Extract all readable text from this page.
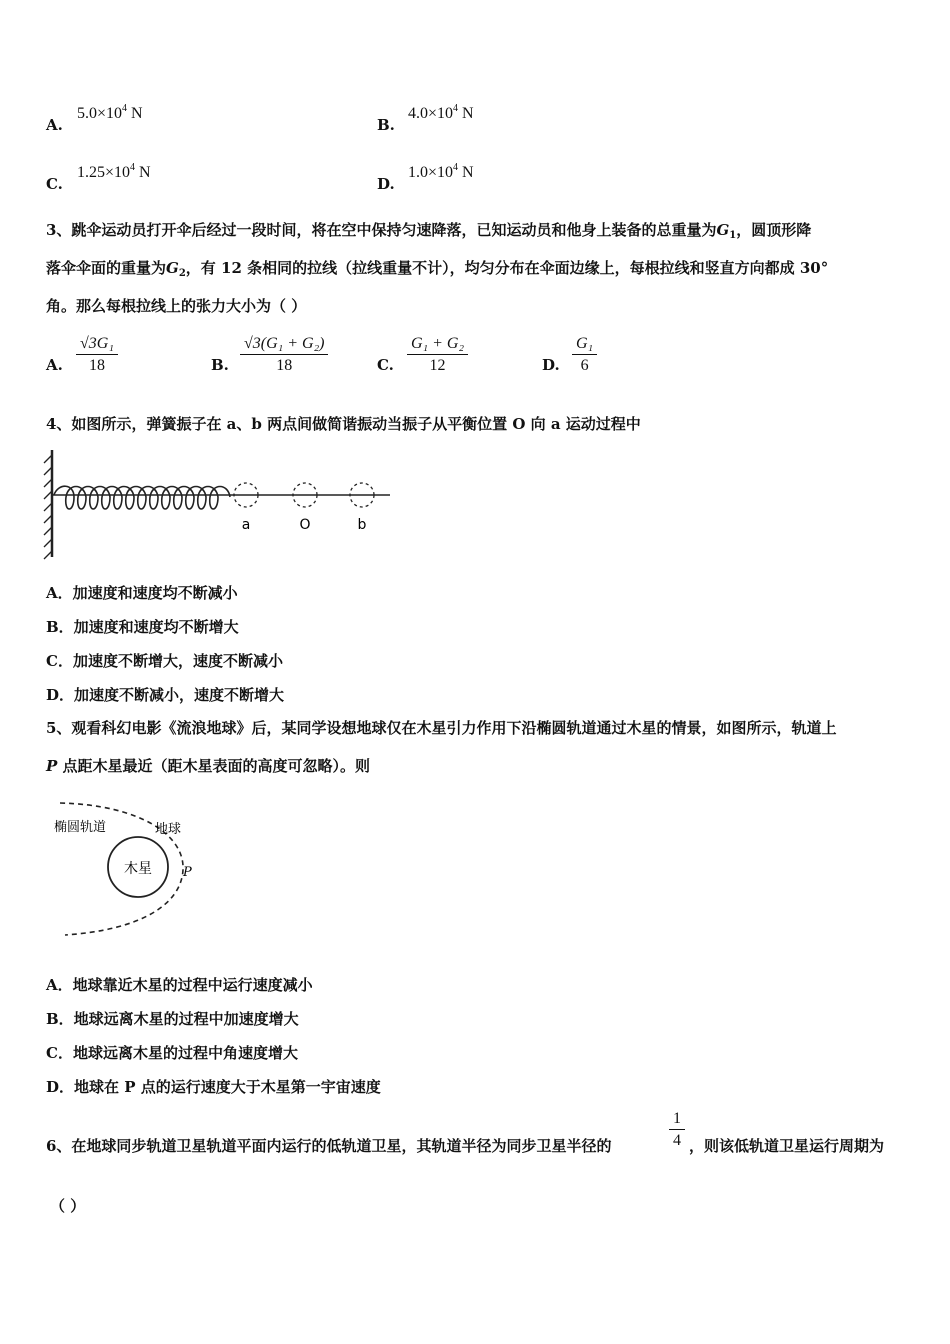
A.
$5.0\times 10^4$ N
B.
$4.0\times 10^4$ N
C.
$1.25\times 10^4$ N
D.
$1.0\times 10^4$ N
3、跳伞运动员打开伞后经过一段时间，将在空中保持匀速降落，已知运动员和他身上装备的总重量为$G_1$，圆顶形降
落伞伞面的重量为$G_2$，有 12 条相同的拉线（拉线重量不计），均匀分布在伞面边缘上，每根拉线和竖直方向都成 30°
角。那么每根拉线上的张力大小为（ ）
A. $\frac{\text{√3G₁}}{18}$	B. $\frac{\text{√3(G₁ + G₂)}}{18}$	C. $\frac{\text{G₁ + G₂}}{12}$	D. $\frac{\text{G₁}}{6}$
4、如图所示，弹簧振子在 a、b 两点间做简谐振动当振子从平衡位置 O 向 a 运动过程中
a	O	b
A．加速度和速度均不断减小
B．加速度和速度均不断增大
C．加速度不断增大，速度不断减小
D．加速度不断减小，速度不断增大
5、观看科幻电影《流浪地球》后，某同学设想地球仅在木星引力作用下沿椭圆轨道通过木星的情景，如图所示，轨道上
P 点距木星最近（距木星表面的高度可忽略）。则
木星
椭圆轨道	地球
P
A．地球靠近木星的过程中运行速度减小
B．地球远离木星的过程中加速度增大
C．地球远离木星的过程中角速度增大
D．地球在 P 点的运行速度大于木星第一宇宙速度
6、在地球同步轨道卫星轨道平面内运行的低轨道卫星，其轨道半径为同步卫星半径的	$\frac{1}{4}$ ，则该低轨道卫星运行周期为
（ ）
